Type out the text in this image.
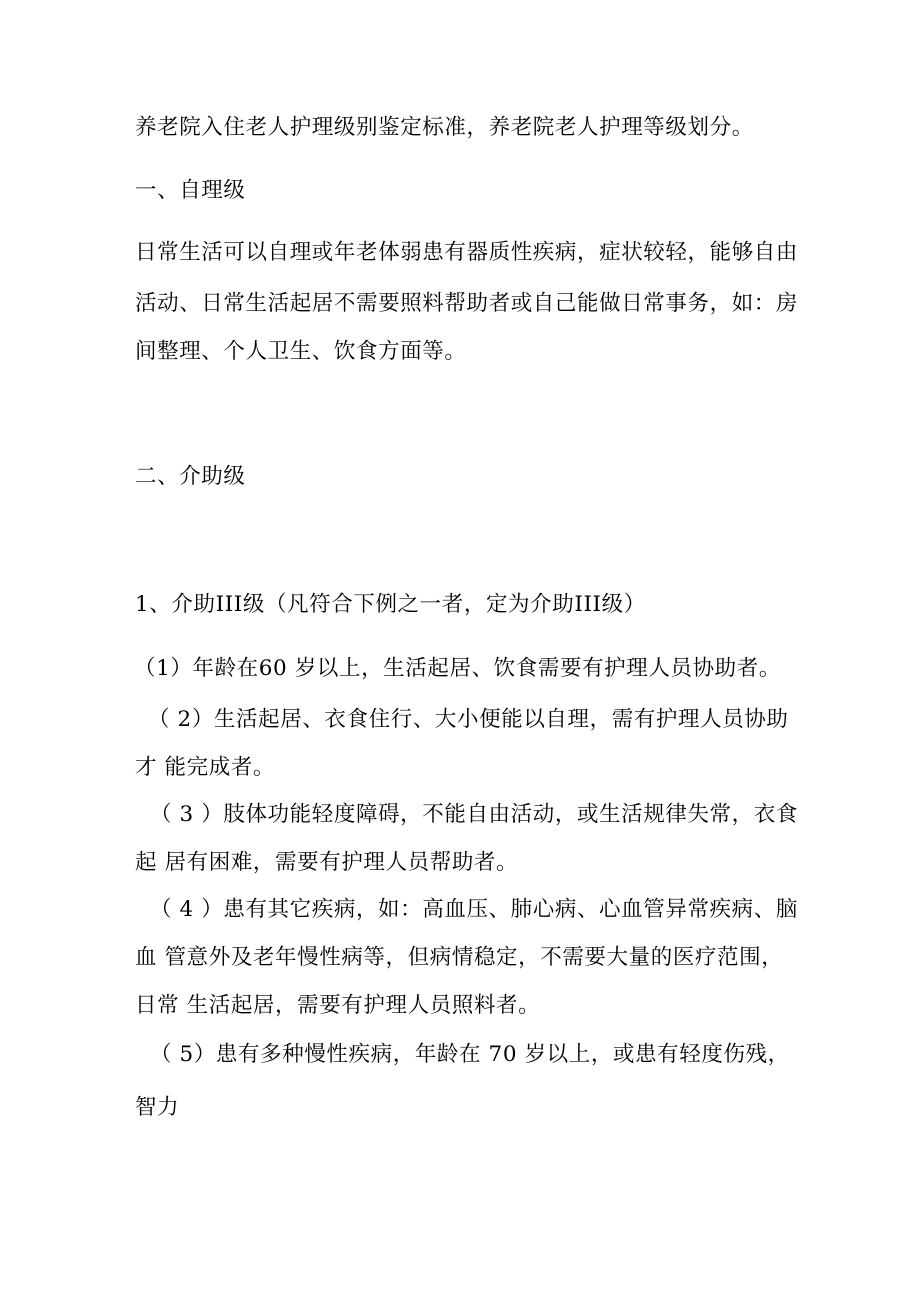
养老院入住老人护理级别鉴定标准，养老院老人护理等级划分。
一、自理级
日常生活可以自理或年老体弱患有器质性疾病，症状较轻，能够自由
活动、日常生活起居不需要照料帮助者或自己能做日常事务，如：房
间整理、个人卫生、饮食方面等。
二、介助级
1、介助III级（凡符合下例之一者，定为介助III级）
（1）年龄在60 岁以上，生活起居、饮食需要有护理人员协助者。
（ 2）生活起居、衣食住行、大小便能以自理，需有护理人员协助
才 能完成者。
（ 3 ）肢体功能轻度障碍，不能自由活动，或生活规律失常，衣食
起 居有困难，需要有护理人员帮助者。
（ 4 ）患有其它疾病，如：高血压、肺心病、心血管异常疾病、脑
血 管意外及老年慢性病等，但病情稳定，不需要大量的医疗范围，
日常 生活起居，需要有护理人员照料者。
（ 5）患有多种慢性疾病，年龄在 70 岁以上，或患有轻度伤残，
智力
